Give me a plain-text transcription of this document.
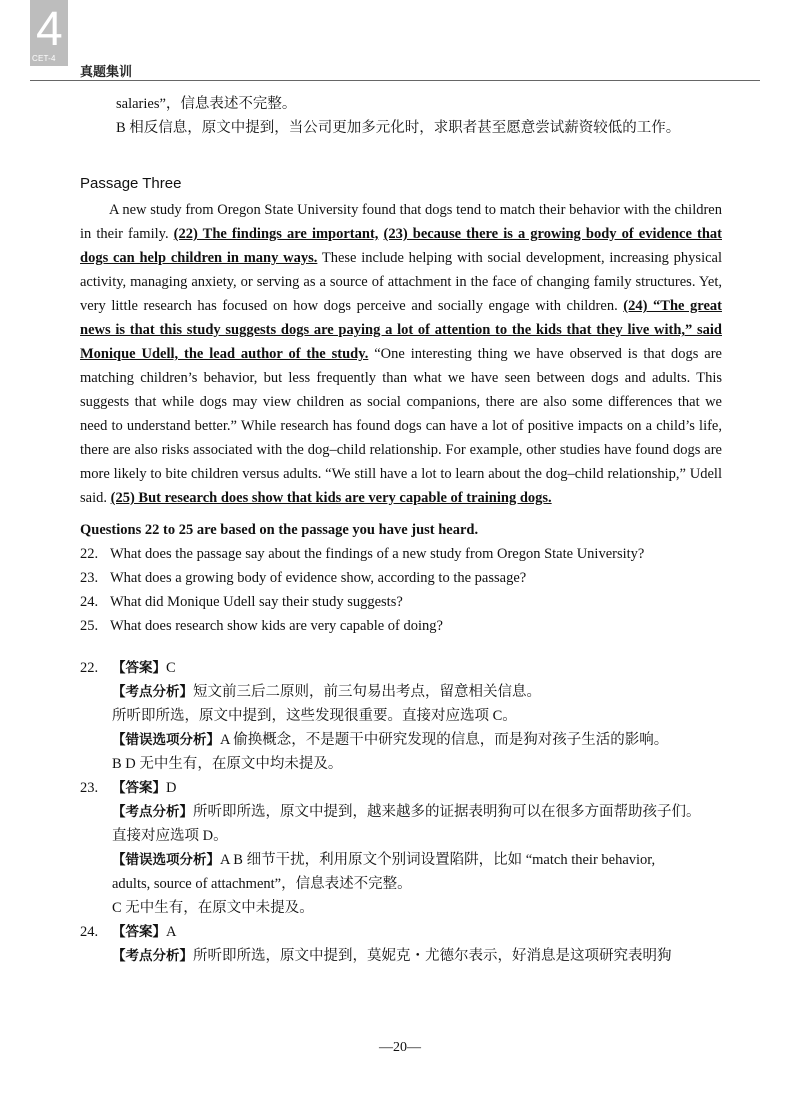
4
CET-4
真题集训
salaries”，信息表述不完整。
B 相反信息，原文中提到，当公司更加多元化时，求职者甚至愿意尝试薪资较低的工作。
Passage Three
A new study from Oregon State University found that dogs tend to match their behavior with the children in their family. (22) The findings are important, (23) because there is a growing body of evidence that dogs can help children in many ways. These include helping with social development, increasing physical activity, managing anxiety, or serving as a source of attachment in the face of changing family structures. Yet, very little research has focused on how dogs perceive and socially engage with children. (24) “The great news is that this study suggests dogs are paying a lot of attention to the kids that they live with,” said Monique Udell, the lead author of the study. “One interesting thing we have observed is that dogs are matching children’s behavior, but less frequently than what we have seen between dogs and adults. This suggests that while dogs may view children as social companions, there are also some differences that we need to understand better.” While research has found dogs can have a lot of positive impacts on a child’s life, there are also risks associated with the dog–child relationship. For example, other studies have found dogs are more likely to bite children versus adults. “We still have a lot to learn about the dog–child relationship,” Udell said. (25) But research does show that kids are very capable of training dogs.
Questions 22 to 25 are based on the passage you have just heard.
22. What does the passage say about the findings of a new study from Oregon State University?
23. What does a growing body of evidence show, according to the passage?
24. What did Monique Udell say their study suggests?
25. What does research show kids are very capable of doing?
22.	【答案】C
【考点分析】短文前三后二原则，前三句易出考点，留意相关信息。
所听即所选，原文中提到，这些发现很重要。直接对应选项 C。
【错误选项分析】A 偷换概念，不是题干中研究发现的信息，而是狗对孩子生活的影响。
B D 无中生有，在原文中均未提及。
23.	【答案】D
【考点分析】所听即所选，原文中提到，越来越多的证据表明狗可以在很多方面帮助孩子们。
直接对应选项 D。
【错误选项分析】A B 细节干扰，利用原文个别词设置陷阱，比如 “match their behavior,
adults, source of attachment”，信息表述不完整。
C 无中生有，在原文中未提及。
24.	【答案】A
【考点分析】所听即所选，原文中提到，莫妮克・尤德尔表示，好消息是这项研究表明狗
—20—
